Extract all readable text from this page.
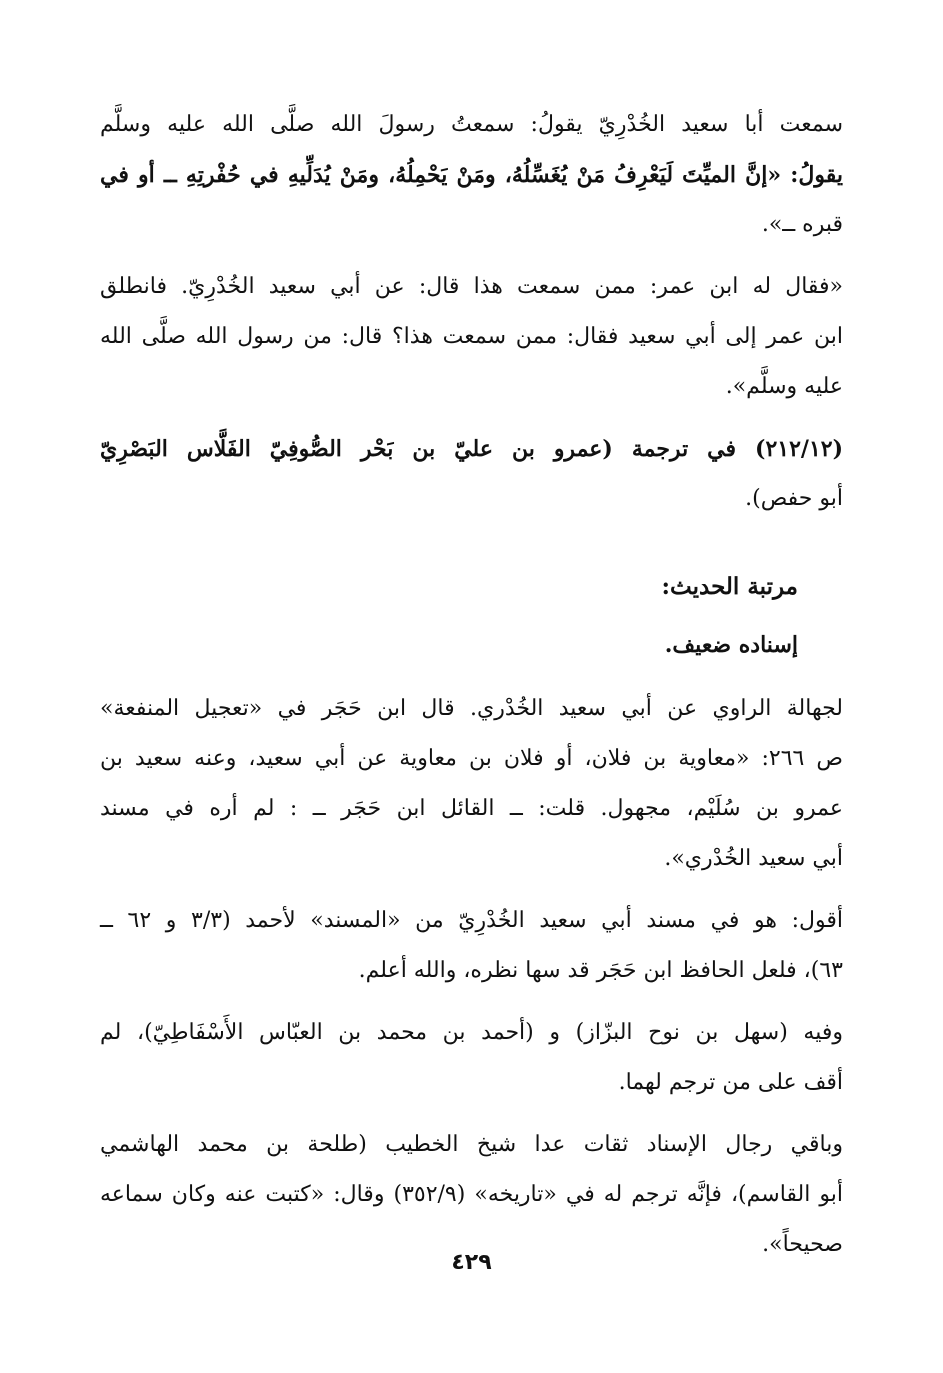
سمعت أبا سعيد الخُدْرِيّ يقولُ: سمعتُ رسولَ الله صلَّى الله عليه وسلَّم
يقولُ: «إنَّ الميِّتَ لَيَعْرِفُ مَنْ يُغَسِّلُهُ، ومَنْ يَحْمِلُهُ، ومَنْ يُدَلِّيهِ في حُفْرتِهِ ــ أو في
قبره ــ».

«فقال له ابن عمر: ممن سمعت هذا قال: عن أبي سعيد الخُدْرِيّ. فانطلق
ابن عمر إلى أبي سعيد فقال: ممن سمعت هذا؟ قال: من رسول الله صلَّى الله
عليه وسلَّم».

(٢١٢/١٢) في ترجمة (عمرو بن عليّ بن بَحْر الصُّوفِيّ الفَلَّاس البَصْرِيّ
أبو حفص).

مرتبة الحديث:
إسناده ضعيف.

لجهالة الراوي عن أبي سعيد الخُدْري. قال ابن حَجَر في «تعجيل المنفعة»
ص ٢٦٦: «معاوية بن فلان، أو فلان بن معاوية عن أبي سعيد، وعنه سعيد بن
عمرو بن سُلَيْم، مجهول. قلت: ــ القائل ابن حَجَر ــ : لم أره في مسند
أبي سعيد الخُدْري».

أقول: هو في مسند أبي سعيد الخُدْرِيّ من «المسند» لأحمد (٣/٣ و ٦٢ ــ
٦٣)، فلعل الحافظ ابن حَجَر قد سها نظره، والله أعلم.

وفيه (سهل بن نوح البزّاز) و (أحمد بن محمد بن العبّاس الأَسْفَاطِيّ)، لم
أقف على من ترجم لهما.

وباقي رجال الإسناد ثقات عدا شيخ الخطيب (طلحة بن محمد الهاشمي
أبو القاسم)، فإنَّه ترجم له في «تاريخه» (٣٥٢/٩) وقال: «كتبت عنه وكان سماعه
صحيحاً».

٤٢٩
